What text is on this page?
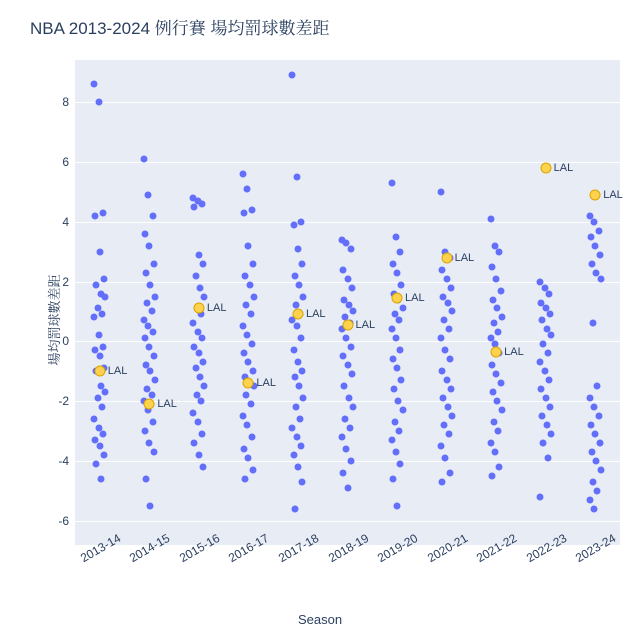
NBA 2013-2024 例行賽 場均罰球數差距
場均罰球數差距
Season
-6
-4
-2
0
2
4
6
8
2013-14 2014-15 2015-16 2016-17 2017-18 2018-19 2019-20 2020-21 2021-22 2022-23 2023-24
LAL
LAL
LAL
LAL
LAL
LAL
LAL
LAL
LAL
LAL
LAL
